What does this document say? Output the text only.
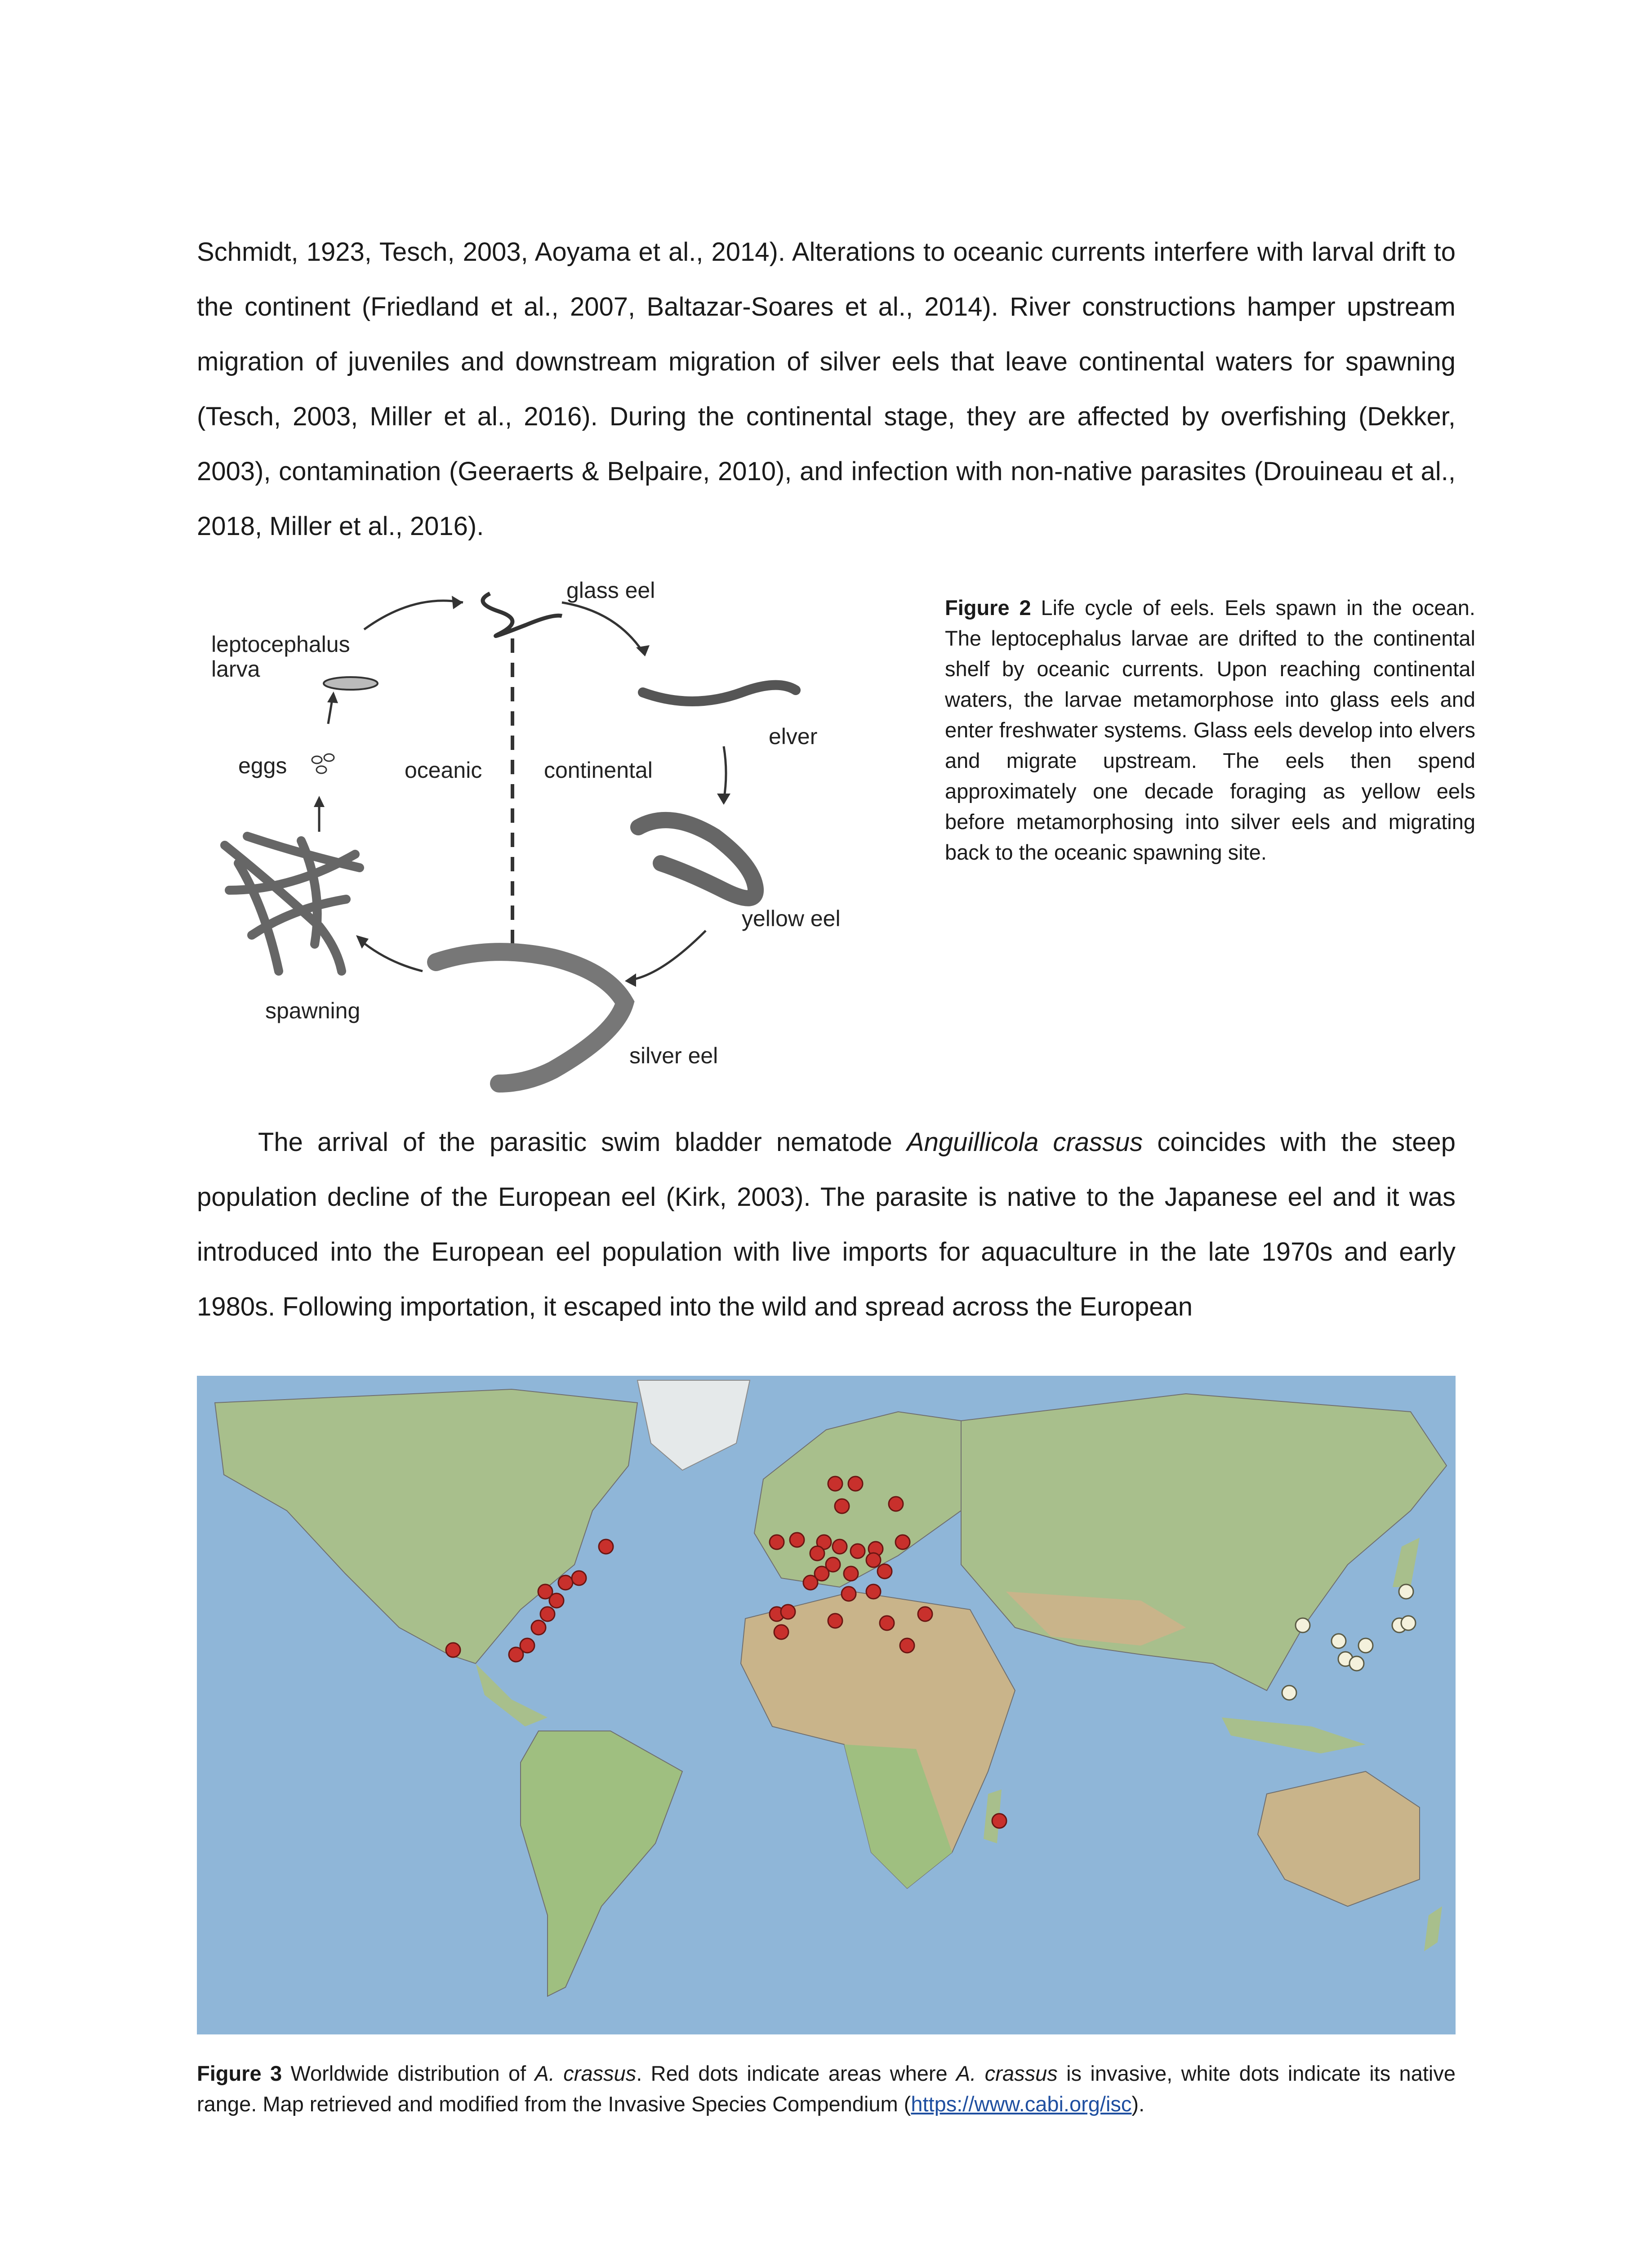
Schmidt, 1923, Tesch, 2003, Aoyama et al., 2014). Alterations to oceanic currents interfere with larval drift to the continent (Friedland et al., 2007, Baltazar-Soares et al., 2014). River constructions hamper upstream migration of juveniles and downstream migration of silver eels that leave continental waters for spawning (Tesch, 2003, Miller et al., 2016). During the continental stage, they are affected by overfishing (Dekker, 2003), contamination (Geeraerts & Belpaire, 2010), and infection with non-native parasites (Drouineau et al., 2018, Miller et al., 2016).

glass eel
leptocephalus
larva
elver
eggs	oceanic	continental
yellow eel
spawning
silver eel
Figure 2 Life cycle of eels. Eels spawn in the ocean. The leptocephalus larvae are drifted to the continental shelf by oceanic currents. Upon reaching continental waters, the larvae metamorphose into glass eels and enter freshwater systems. Glass eels develop into elvers and migrate upstream. The eels then spend approximately one decade foraging as yellow eels before metamorphosing into silver eels and migrating back to the oceanic spawning site.

The arrival of the parasitic swim bladder nematode Anguillicola crassus coincides with the steep population decline of the European eel (Kirk, 2003). The parasite is native to the Japanese eel and it was introduced into the European eel population with live imports for aquaculture in the late 1970s and early 1980s. Following importation, it escaped into the wild and spread across the European

Figure 3 Worldwide distribution of A. crassus. Red dots indicate areas where A. crassus is invasive, white dots indicate its native range. Map retrieved and modified from the Invasive Species Compendium (https://www.cabi.org/isc).
